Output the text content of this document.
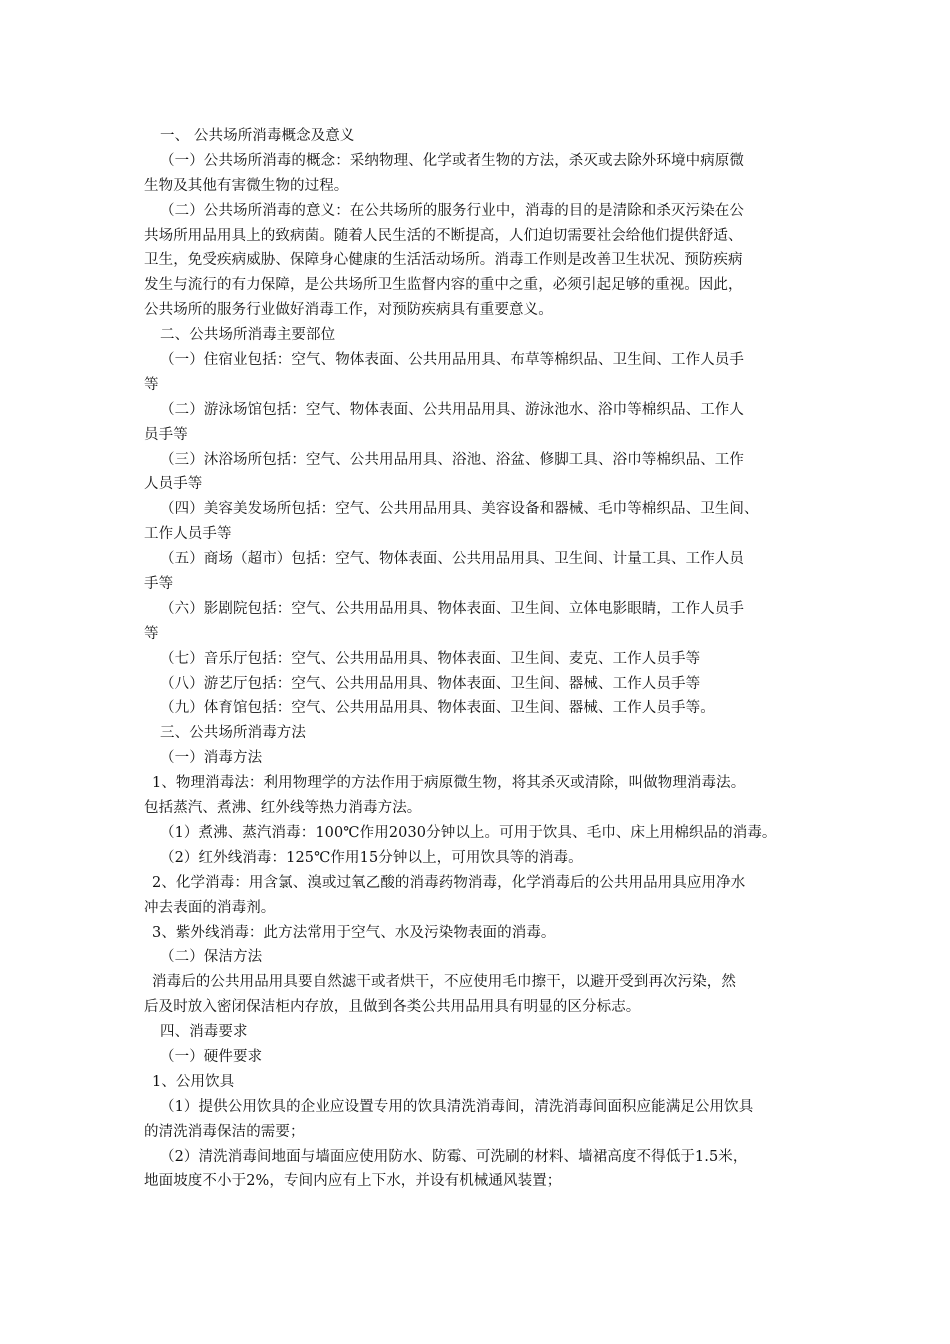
一、 公共场所消毒概念及意义
（一）公共场所消毒的概念：采纳物理、化学或者生物的方法，杀灭或去除外环境中病原微
生物及其他有害微生物的过程。
（二）公共场所消毒的意义：在公共场所的服务行业中，消毒的目的是清除和杀灭污染在公
共场所用品用具上的致病菌。随着人民生活的不断提高，人们迫切需要社会给他们提供舒适、
卫生，免受疾病威胁、保障身心健康的生活活动场所。消毒工作则是改善卫生状况、预防疾病
发生与流行的有力保障，是公共场所卫生监督内容的重中之重，必须引起足够的重视。因此，
公共场所的服务行业做好消毒工作，对预防疾病具有重要意义。
二、公共场所消毒主要部位
（一）住宿业包括：空气、物体表面、公共用品用具、布草等棉织品、卫生间、工作人员手
等
（二）游泳场馆包括：空气、物体表面、公共用品用具、游泳池水、浴巾等棉织品、工作人
员手等
（三）沐浴场所包括：空气、公共用品用具、浴池、浴盆、修脚工具、浴巾等棉织品、工作
人员手等
（四）美容美发场所包括：空气、公共用品用具、美容设备和器械、毛巾等棉织品、卫生间、
工作人员手等
（五）商场（超市）包括：空气、物体表面、公共用品用具、卫生间、计量工具、工作人员
手等
（六）影剧院包括：空气、公共用品用具、物体表面、卫生间、立体电影眼睛，工作人员手
等
（七）音乐厅包括：空气、公共用品用具、物体表面、卫生间、麦克、工作人员手等
（八）游艺厅包括：空气、公共用品用具、物体表面、卫生间、器械、工作人员手等
（九）体育馆包括：空气、公共用品用具、物体表面、卫生间、器械、工作人员手等。
三、公共场所消毒方法
（一）消毒方法
1、物理消毒法：利用物理学的方法作用于病原微生物，将其杀灭或清除，叫做物理消毒法。
包括蒸汽、煮沸、红外线等热力消毒方法。
（1）煮沸、蒸汽消毒：100℃作用2030分钟以上。可用于饮具、毛巾、床上用棉织品的消毒。
（2）红外线消毒：125℃作用15分钟以上，可用饮具等的消毒。
2、化学消毒：用含氯、溴或过氧乙酸的消毒药物消毒，化学消毒后的公共用品用具应用净水
冲去表面的消毒剂。
3、紫外线消毒：此方法常用于空气、水及污染物表面的消毒。
（二）保洁方法
消毒后的公共用品用具要自然滤干或者烘干，不应使用毛巾擦干，以避开受到再次污染，然
后及时放入密闭保洁柜内存放，且做到各类公共用品用具有明显的区分标志。
四、消毒要求
（一）硬件要求
1、公用饮具
（1）提供公用饮具的企业应设置专用的饮具清洗消毒间，清洗消毒间面积应能满足公用饮具
的清洗消毒保洁的需要；
（2）清洗消毒间地面与墙面应使用防水、防霉、可洗刷的材料、墙裙高度不得低于1.5米，
地面坡度不小于2%，专间内应有上下水，并设有机械通风装置；
